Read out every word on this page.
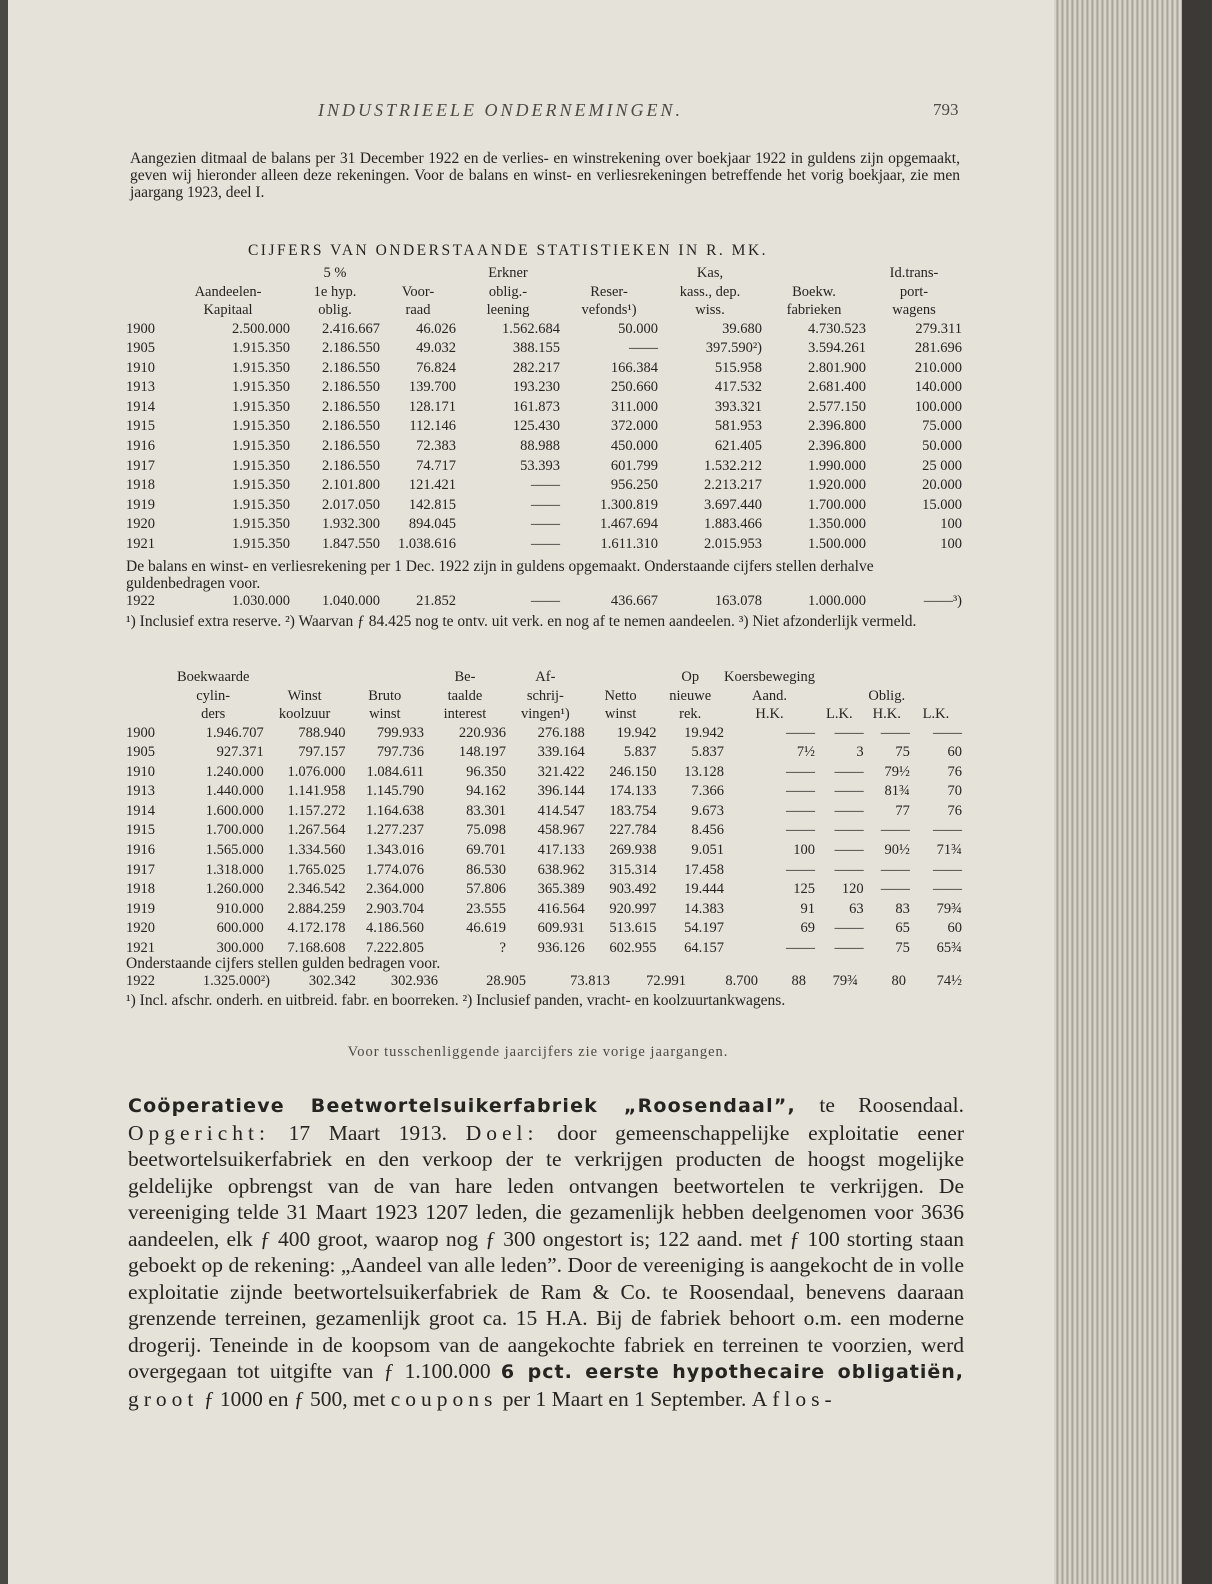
INDUSTRIEELE ONDERNEMINGEN.	793
Aangezien ditmaal de balans per 31 December 1922 en de verlies- en winstrekening over boekjaar 1922 in guldens zijn opgemaakt, geven wij hieronder alleen deze rekeningen. Voor de balans en winst- en verliesrekeningen betreffende het vorig boekjaar, zie men jaargang 1923, deel I.
CIJFERS VAN ONDERSTAANDE STATISTIEKEN IN R. MK.
		5 %		Erkner		Kas,		Id.trans-
	Aandeelen-	1e hyp.	Voor-	oblig.-	Reser-	kass., dep.	Boekw.	port-
	Kapitaal	oblig.	raad	leening	vefonds¹)	wiss.	fabrieken	wagens
1900	2.500.000	2.416.667	46.026	1.562.684	50.000	39.680	4.730.523	279.311
1905	1.915.350	2.186.550	49.032	388.155	——	397.590²)	3.594.261	281.696
1910	1.915.350	2.186.550	76.824	282.217	166.384	515.958	2.801.900	210.000
1913	1.915.350	2.186.550	139.700	193.230	250.660	417.532	2.681.400	140.000
1914	1.915.350	2.186.550	128.171	161.873	311.000	393.321	2.577.150	100.000
1915	1.915.350	2.186.550	112.146	125.430	372.000	581.953	2.396.800	75.000
1916	1.915.350	2.186.550	72.383	88.988	450.000	621.405	2.396.800	50.000
1917	1.915.350	2.186.550	74.717	53.393	601.799	1.532.212	1.990.000	25 000
1918	1.915.350	2.101.800	121.421	——	956.250	2.213.217	1.920.000	20.000
1919	1.915.350	2.017.050	142.815	——	1.300.819	3.697.440	1.700.000	15.000
1920	1.915.350	1.932.300	894.045	——	1.467.694	1.883.466	1.350.000	100
1921	1.915.350	1.847.550	1.038.616	——	1.611.310	2.015.953	1.500.000	100
De balans en winst- en verliesrekening per 1 Dec. 1922 zijn in guldens opgemaakt. Onderstaande cijfers stellen derhalve guldenbedragen voor.
1922	1.030.000	1.040.000	21.852	——	436.667	163.078	1.000.000	——³)
¹) Inclusief extra reserve. ²) Waarvan ƒ 84.425 nog te ontv. uit verk. en nog af te nemen aandeelen. ³) Niet afzonderlijk vermeld.
	Boekwaarde			Be-	Af-		Op	Koersbeweging			
	cylin-	Winst	Bruto	taalde	schrij-	Netto	nieuwe	Aand.		Oblig.	
	ders	koolzuur	winst	interest	vingen¹)	winst	rek.	H.K.	L.K.	H.K.	L.K.
1900	1.946.707	788.940	799.933	220.936	276.188	19.942	19.942	——	——	——	——
1905	927.371	797.157	797.736	148.197	339.164	5.837	5.837	7½	3	75	60
1910	1.240.000	1.076.000	1.084.611	96.350	321.422	246.150	13.128	——	——	79½	76
1913	1.440.000	1.141.958	1.145.790	94.162	396.144	174.133	7.366	——	——	81¾	70
1914	1.600.000	1.157.272	1.164.638	83.301	414.547	183.754	9.673	——	——	77	76
1915	1.700.000	1.267.564	1.277.237	75.098	458.967	227.784	8.456	——	——	——	——
1916	1.565.000	1.334.560	1.343.016	69.701	417.133	269.938	9.051	100	——	90½	71¾
1917	1.318.000	1.765.025	1.774.076	86.530	638.962	315.314	17.458	——	——	——	——
1918	1.260.000	2.346.542	2.364.000	57.806	365.389	903.492	19.444	125	120	——	——
1919	910.000	2.884.259	2.903.704	23.555	416.564	920.997	14.383	91	63	83	79¾
1920	600.000	4.172.178	4.186.560	46.619	609.931	513.615	54.197	69	——	65	60
1921	300.000	7.168.608	7.222.805	?	936.126	602.955	64.157	——	——	75	65¾
Onderstaande cijfers stellen gulden bedragen voor.
1922	1.325.000²)	302.342	302.936	28.905	73.813	72.991	8.700	88	79¾	80	74½
¹) Incl. afschr. onderh. en uitbreid. fabr. en boorreken. ²) Inclusief panden, vracht- en koolzuurtankwagens.
Voor tusschenliggende jaarcijfers zie vorige jaargangen.
Coöperatieve Beetwortelsuikerfabriek „Roosendaal”, te Roosendaal. Opgericht: 17 Maart 1913. Doel: door gemeenschappelijke exploitatie eener beetwortelsuikerfabriek en den verkoop der te verkrijgen producten de hoogst mogelijke geldelijke opbrengst van de van hare leden ontvangen beetwortelen te verkrijgen. De vereeniging telde 31 Maart 1923 1207 leden, die gezamenlijk hebben deelgenomen voor 3636 aandeelen, elk ƒ 400 groot, waarop nog ƒ 300 ongestort is; 122 aand. met ƒ 100 storting staan geboekt op de rekening: „Aandeel van alle leden”. Door de vereeniging is aangekocht de in volle exploitatie zijnde beetwortelsuikerfabriek de Ram & Co. te Roosendaal, benevens daaraan grenzende terreinen, gezamenlijk groot ca. 15 H.A. Bij de fabriek behoort o.m. een moderne drogerij. Teneinde in de koopsom van de aangekochte fabriek en terreinen te voorzien, werd overgegaan tot uitgifte van ƒ 1.100.000 6 pct. eerste hypothecaire obligatiën, groot ƒ 1000 en ƒ 500, met coupons per 1 Maart en 1 September. Aflos-
